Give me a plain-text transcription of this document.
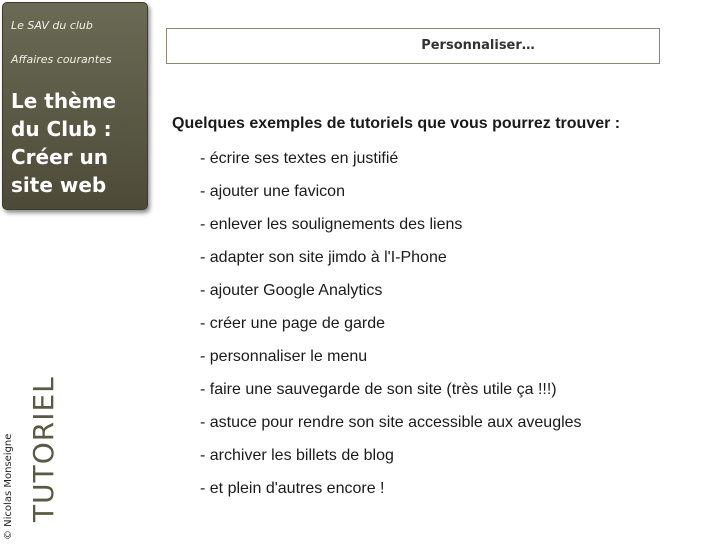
Le SAV du club
Affaires courantes
Le thème
du Club :
Créer un
site web
Personnaliser…

Quelques exemples de tutoriels que vous pourrez trouver :

- écrire ses textes en justifié
- ajouter une favicon
- enlever les soulignements des liens
- adapter son site jimdo à l'I-Phone
- ajouter Google Analytics
- créer une page de garde
- personnaliser le menu
- faire une sauvegarde de son site (très utile ça !!!)
- astuce pour rendre son site accessible aux aveugles
- archiver les billets de blog
- et plein d'autres encore !
TUTORIEL
© Nicolas Monseigne
